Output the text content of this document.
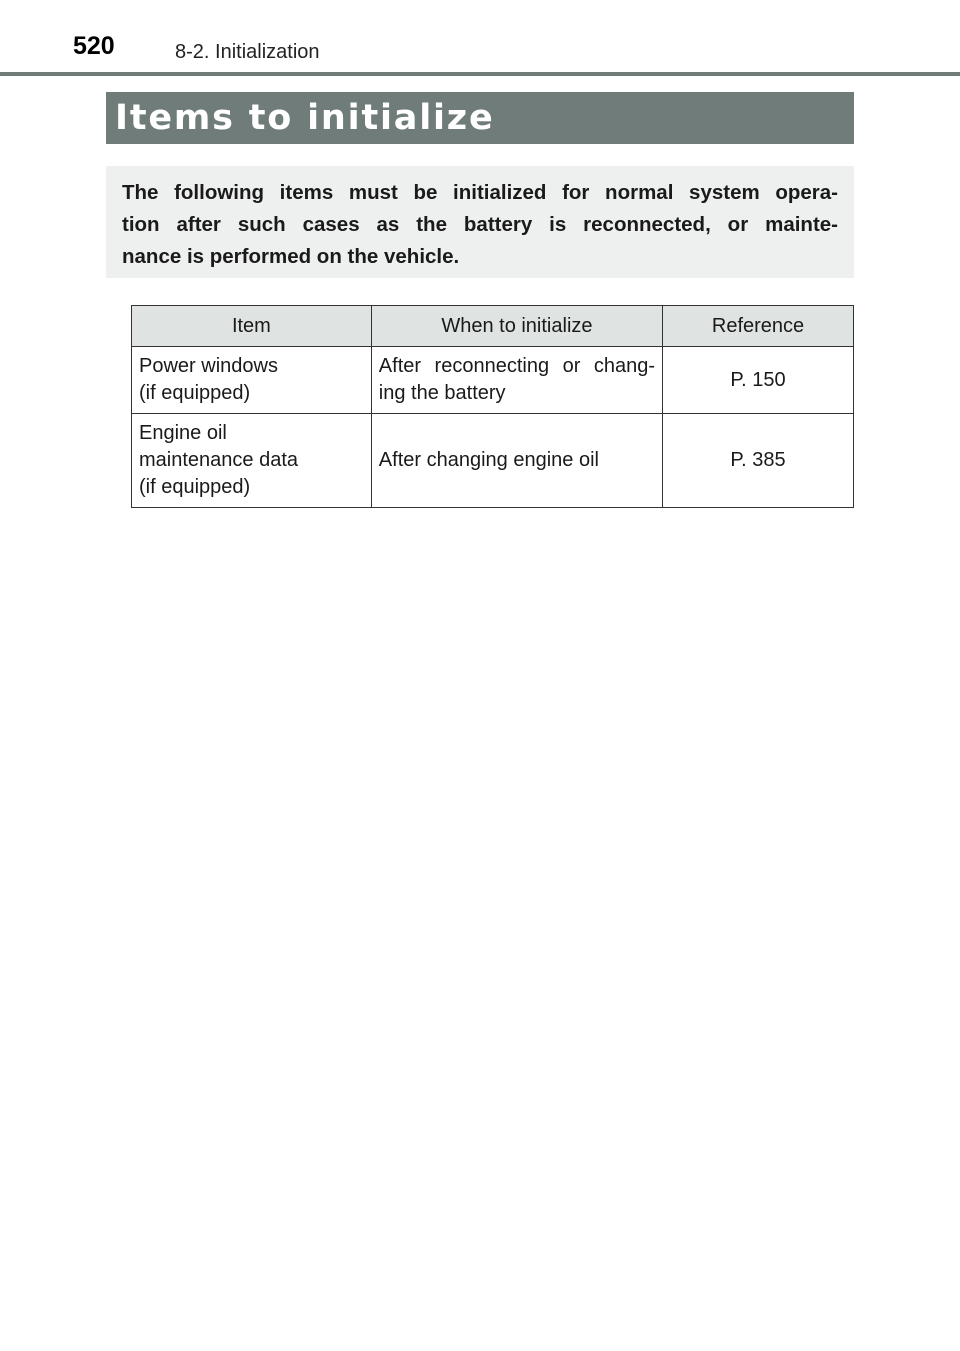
520	8-2. Initialization
Items to initialize

The following items must be initialized for normal system opera-
tion after such cases as the battery is reconnected, or mainte-
nance is performed on the vehicle.

Item	When to initialize	Reference

Power windows
(if equipped)	After reconnecting or chang-
ing the battery	P. 150

Engine oil
maintenance data
(if equipped)	After changing engine oil	P. 385
